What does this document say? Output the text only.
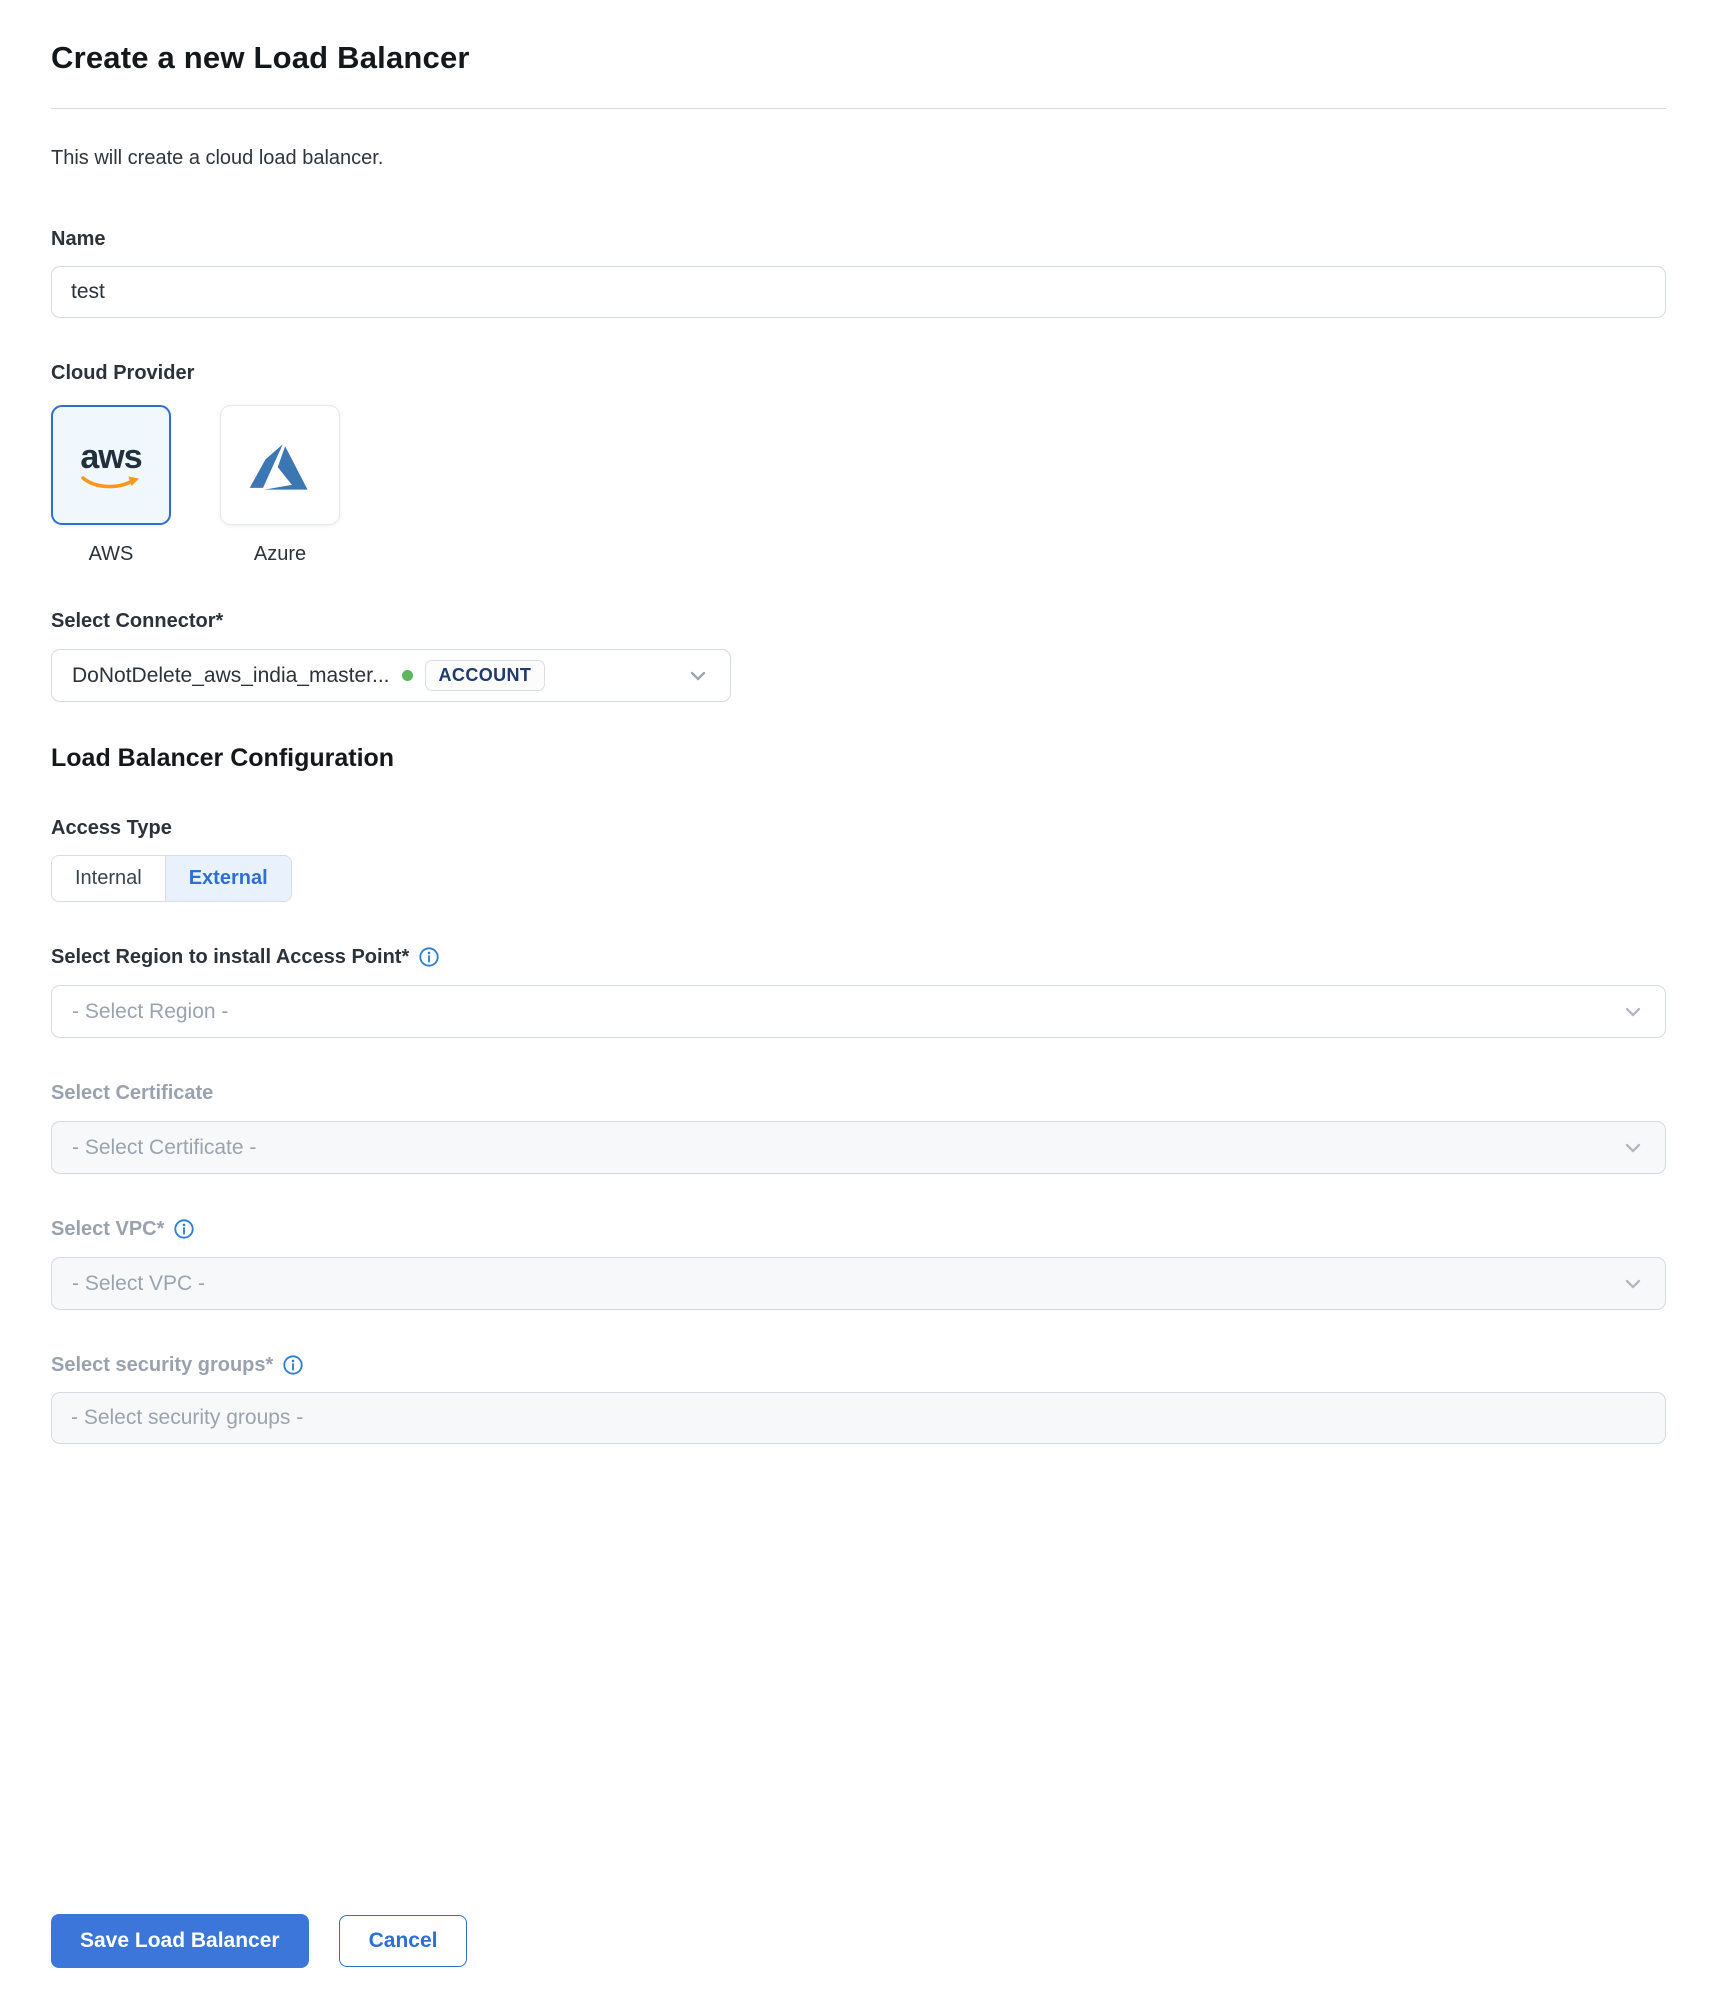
Create a new Load Balancer

This will create a cloud load balancer.

Name
test
Cloud Provider
aws
AWS	Azure
Select Connector*
DoNotDelete_aws_india_master...	ACCOUNT
Load Balancer Configuration
Access Type
Internal	External
Select Region to install Access Point*
- Select Region -
Select Certificate
- Select Certificate -
Select VPC*
- Select VPC -
Select security groups*
- Select security groups -
Save Load Balancer	Cancel
